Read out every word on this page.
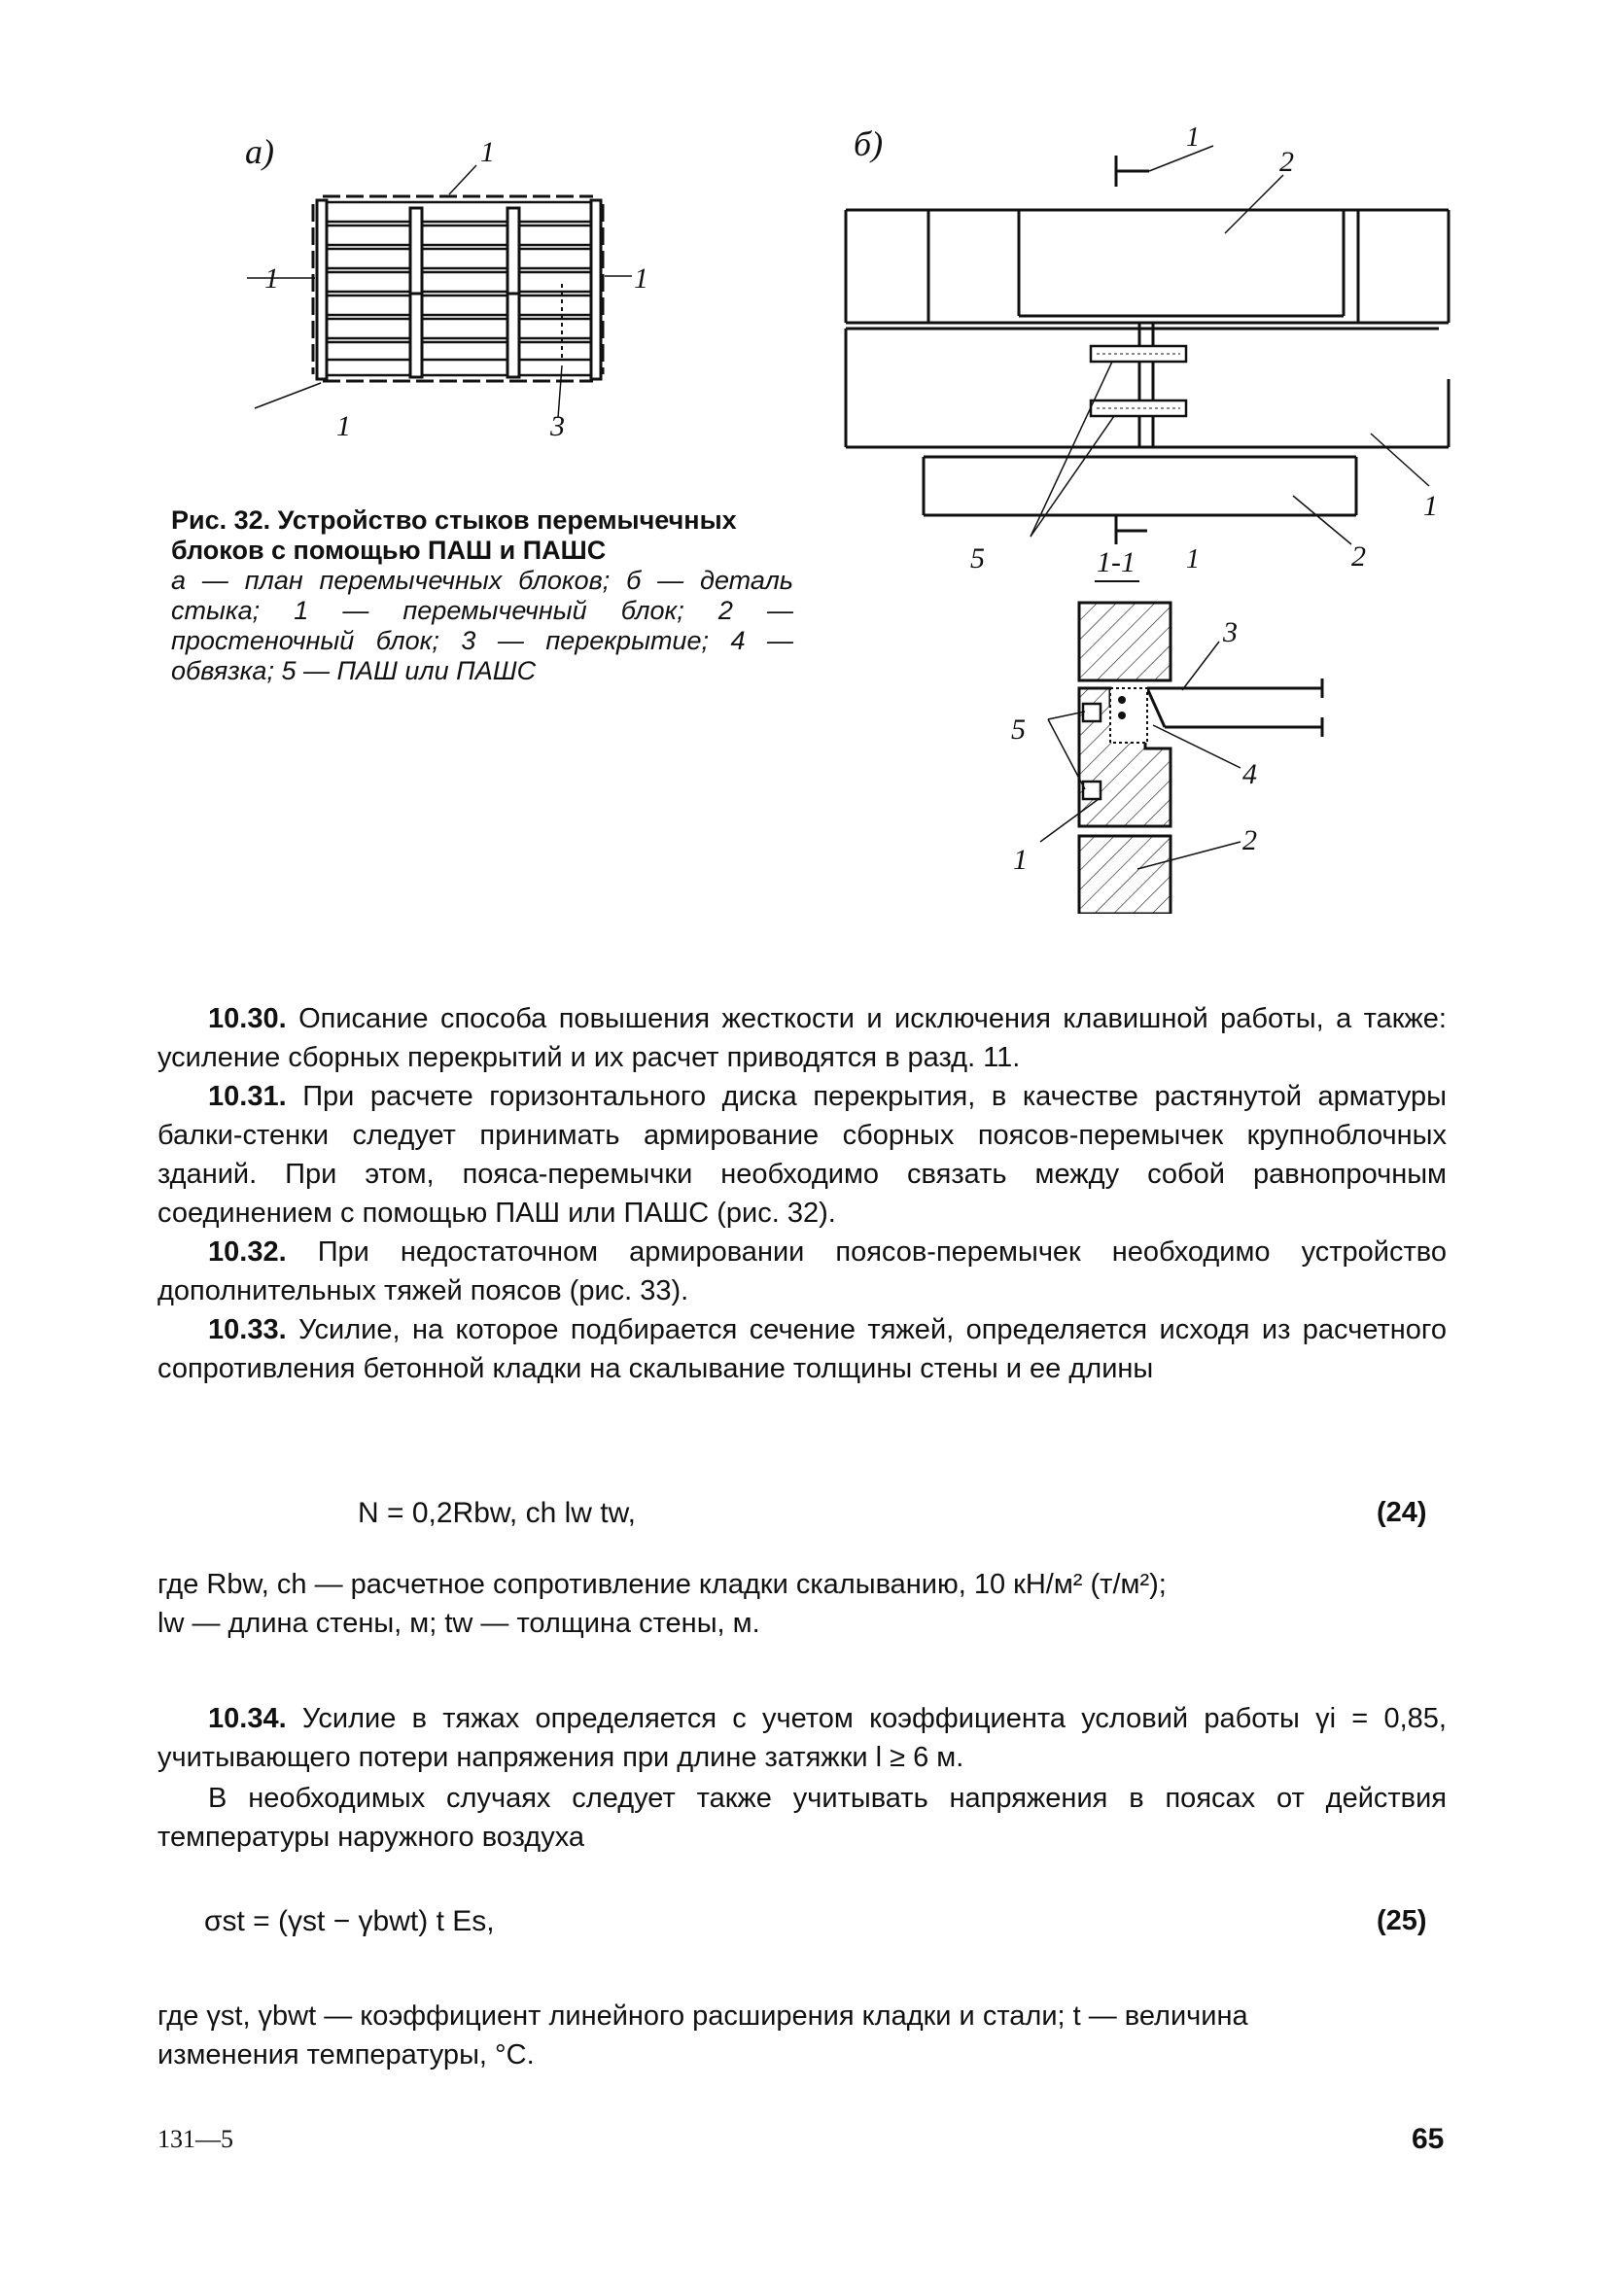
а)	1
1	1
1	3
б)	1
2
1
2
5	1
1-1
3
5
4
1
2
Рис. 32. Устройство стыков перемычечных блоков с помощью ПАШ и ПАШС
а — план перемычечных блоков; б — деталь стыка; 1 — перемычечный блок; 2 — простеночный блок; 3 — перекрытие; 4 — обвязка; 5 — ПАШ или ПАШС
10.30. Описание способа повышения жесткости и исключения клавишной работы, а также: усиление сборных перекрытий и их расчет приводятся в разд. 11.
10.31. При расчете горизонтального диска перекрытия, в качестве растянутой арматуры балки-стенки следует принимать армирование сборных поясов-перемычек крупноблочных зданий. При этом, пояса-перемычки необходимо связать между собой равнопрочным соединением с помощью ПАШ или ПАШС (рис. 32).
10.32. При недостаточном армировании поясов-перемычек необходимо устройство дополнительных тяжей поясов (рис. 33).
10.33. Усилие, на которое подбирается сечение тяжей, определяется исходя из расчетного сопротивления бетонной кладки на скалывание толщины стены и ее длины
N = 0,2Rbw, ch lw tw,	(24)
где Rbw, ch — расчетное сопротивление кладки скалыванию, 10 кН/м² (т/м²);
lw — длина стены, м; tw — толщина стены, м.
10.34. Усилие в тяжах определяется с учетом коэффициента условий работы γi = 0,85, учитывающего потери напряжения при длине затяжки l ≥ 6 м.
В необходимых случаях следует также учитывать напряжения в поясах от действия температуры наружного воздуха
σst = (γst − γbwt) t Es,	(25)
где γst, γbwt — коэффициент линейного расширения кладки и стали; t — величина
изменения температуры, °С.
131—5	65
